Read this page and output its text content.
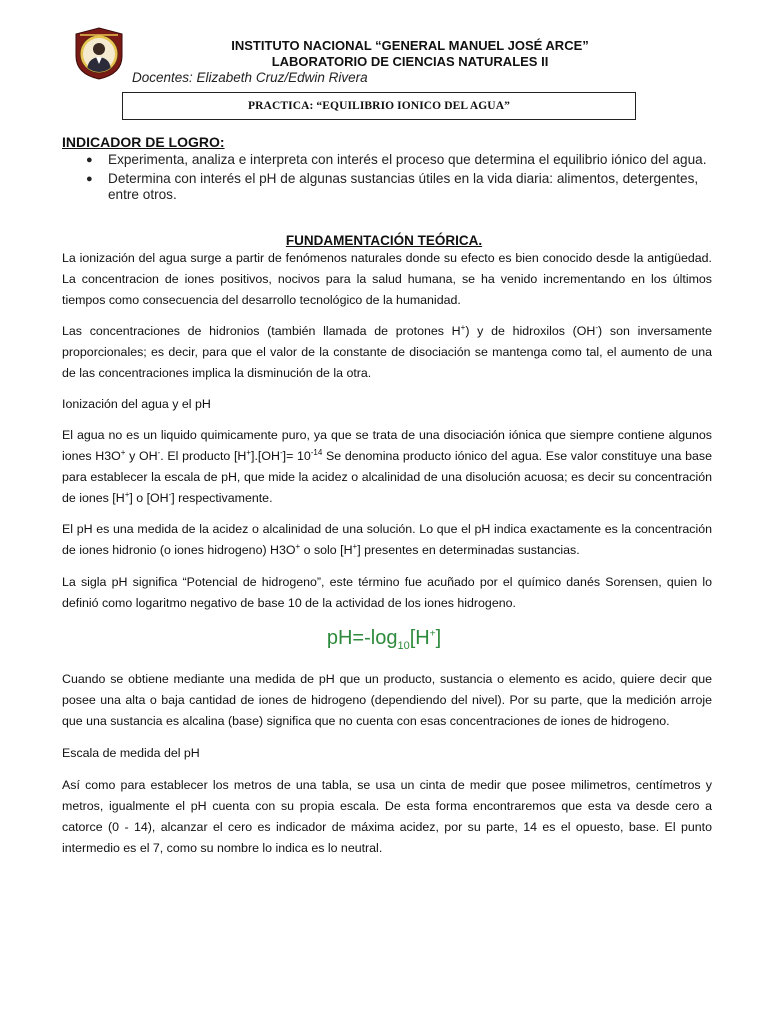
INSTITUTO NACIONAL “GENERAL MANUEL JOSÉ ARCE”
LABORATORIO DE CIENCIAS NATURALES II
Docentes: Elizabeth Cruz/Edwin Rivera
PRACTICA: “EQUILIBRIO IONICO DEL AGUA”
INDICADOR DE LOGRO:
● Experimenta, analiza e interpreta con interés el proceso que determina el equilibrio iónico del agua.
● Determina con interés el pH de algunas sustancias útiles en la vida diaria: alimentos, detergentes, entre otros.
FUNDAMENTACIÓN TEÓRICA.
La ionización del agua surge a partir de fenómenos naturales donde su efecto es bien conocido desde la antigüedad. La concentracion de iones positivos, nocivos para la salud humana, se ha venido incrementando en los últimos tiempos como consecuencia del desarrollo tecnológico de la humanidad.
Las concentraciones de hidronios (también llamada de protones H+) y de hidroxilos (OH-) son inversamente proporcionales; es decir, para que el valor de la constante de disociación se mantenga como tal, el aumento de una de las concentraciones implica la disminución de la otra.
Ionización del agua y el pH
El agua no es un liquido quimicamente puro, ya que se trata de una disociación iónica que siempre contiene algunos iones H3O+ y OH-. El producto $[H^+].[OH^-]= 10^{-14}$ Se denomina producto iónico del agua. Ese valor constituye una base para establecer la escala de pH, que mide la acidez o alcalinidad de una disolución acuosa; es decir su concentración de iones [H+] o [OH-] respectivamente.
El pH es una medida de la acidez o alcalinidad de una solución. Lo que el pH indica exactamente es la concentración de iones hidronio (o iones hidrogeno) H3O+ o solo [H+] presentes en determinadas sustancias.
La sigla pH significa “Potencial de hidrogeno”, este término fue acuñado por el químico danés Sorensen, quien lo definió como logaritmo negativo de base 10 de la actividad de los iones hidrogeno.
$pH=-\log_{10}[H^+]$
Cuando se obtiene mediante una medida de pH que un producto, sustancia o elemento es acido, quiere decir que posee una alta o baja cantidad de iones de hidrogeno (dependiendo del nivel). Por su parte, que la medición arroje que una sustancia es alcalina (base) significa que no cuenta con esas concentraciones de iones de hidrogeno.
Escala de medida del pH
Así como para establecer los metros de una tabla, se usa un cinta de medir que posee milimetros, centímetros y metros, igualmente el pH cuenta con su propia escala. De esta forma encontraremos que esta va desde cero a catorce (0 - 14), alcanzar el cero es indicador de máxima acidez, por su parte, 14 es el opuesto, base. El punto intermedio es el 7, como su nombre lo indica es lo neutral.
